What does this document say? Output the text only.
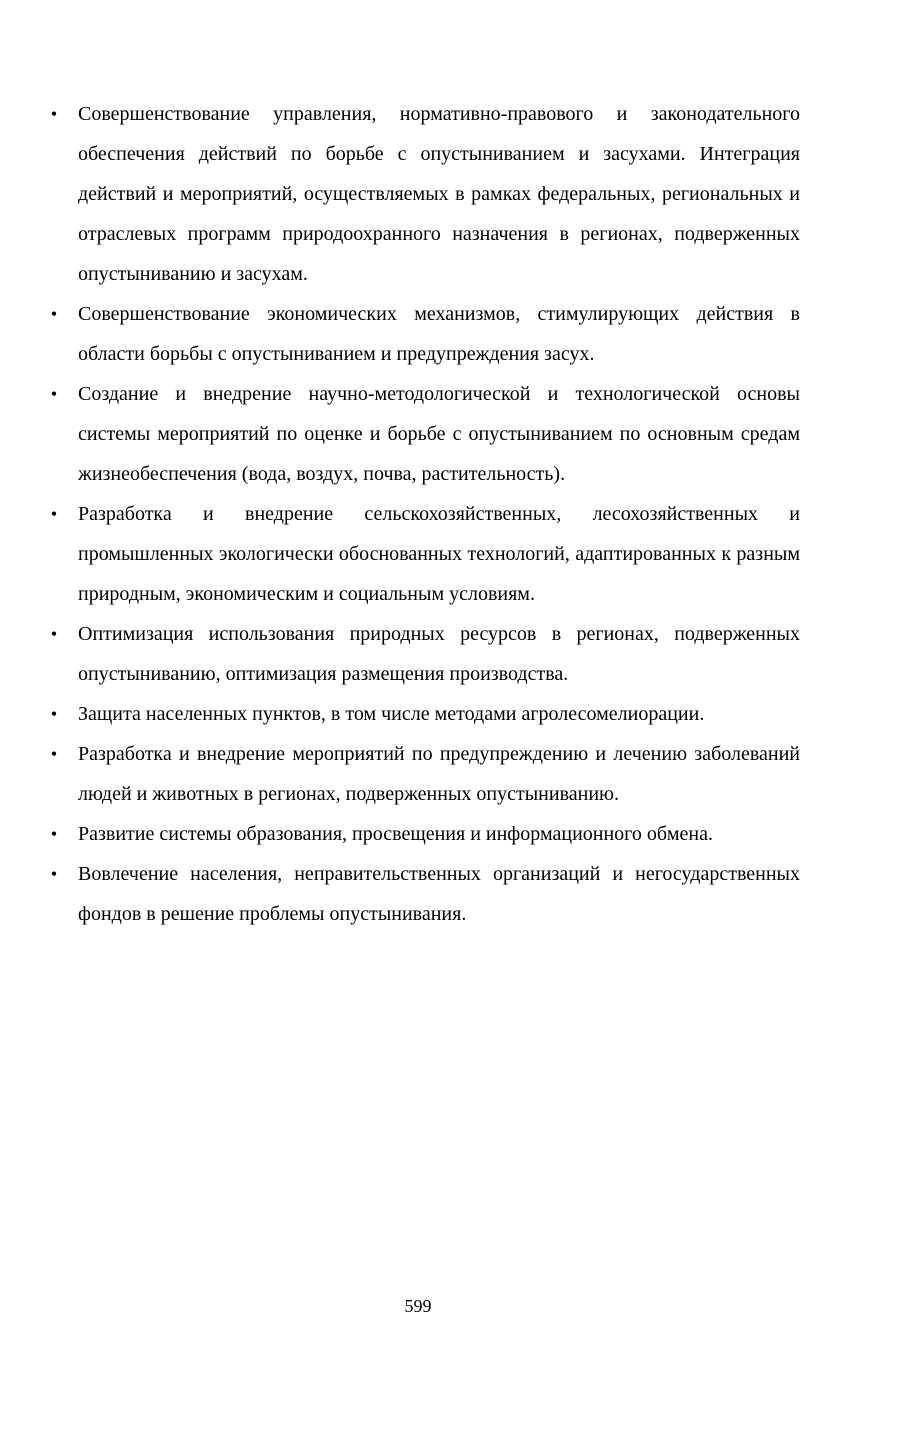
•	Совершенствование управления, нормативно-правового и законодательного обеспечения действий по борьбе с опустыниванием и засухами. Интеграция действий и мероприятий, осуществляемых в рамках федеральных, региональных и отраслевых программ природоохранного назначения в регионах, подверженных опустыниванию и засухам.
•	Совершенствование экономических механизмов, стимулирующих действия в области борьбы с опустыниванием и предупреждения засух.
•	Создание и внедрение научно-методологической и технологической основы системы мероприятий по оценке и борьбе с опустыниванием по основным средам жизнеобеспечения (вода, воздух, почва, растительность).
•	Разработка и внедрение сельскохозяйственных, лесохозяйственных и промышленных экологически обоснованных технологий, адаптированных к разным природным, экономическим и социальным условиям.
•	Оптимизация использования природных ресурсов в регионах, подверженных опустыниванию, оптимизация размещения производства.
•	Защита населенных пунктов, в том числе методами агролесомелиорации.
•	Разработка и внедрение мероприятий по предупреждению и лечению заболеваний людей и животных в регионах, подверженных опустыниванию.
•	Развитие системы образования, просвещения и информационного обмена.
•	Вовлечение населения, неправительственных организаций и негосударственных фондов в решение проблемы опустынивания.
599
